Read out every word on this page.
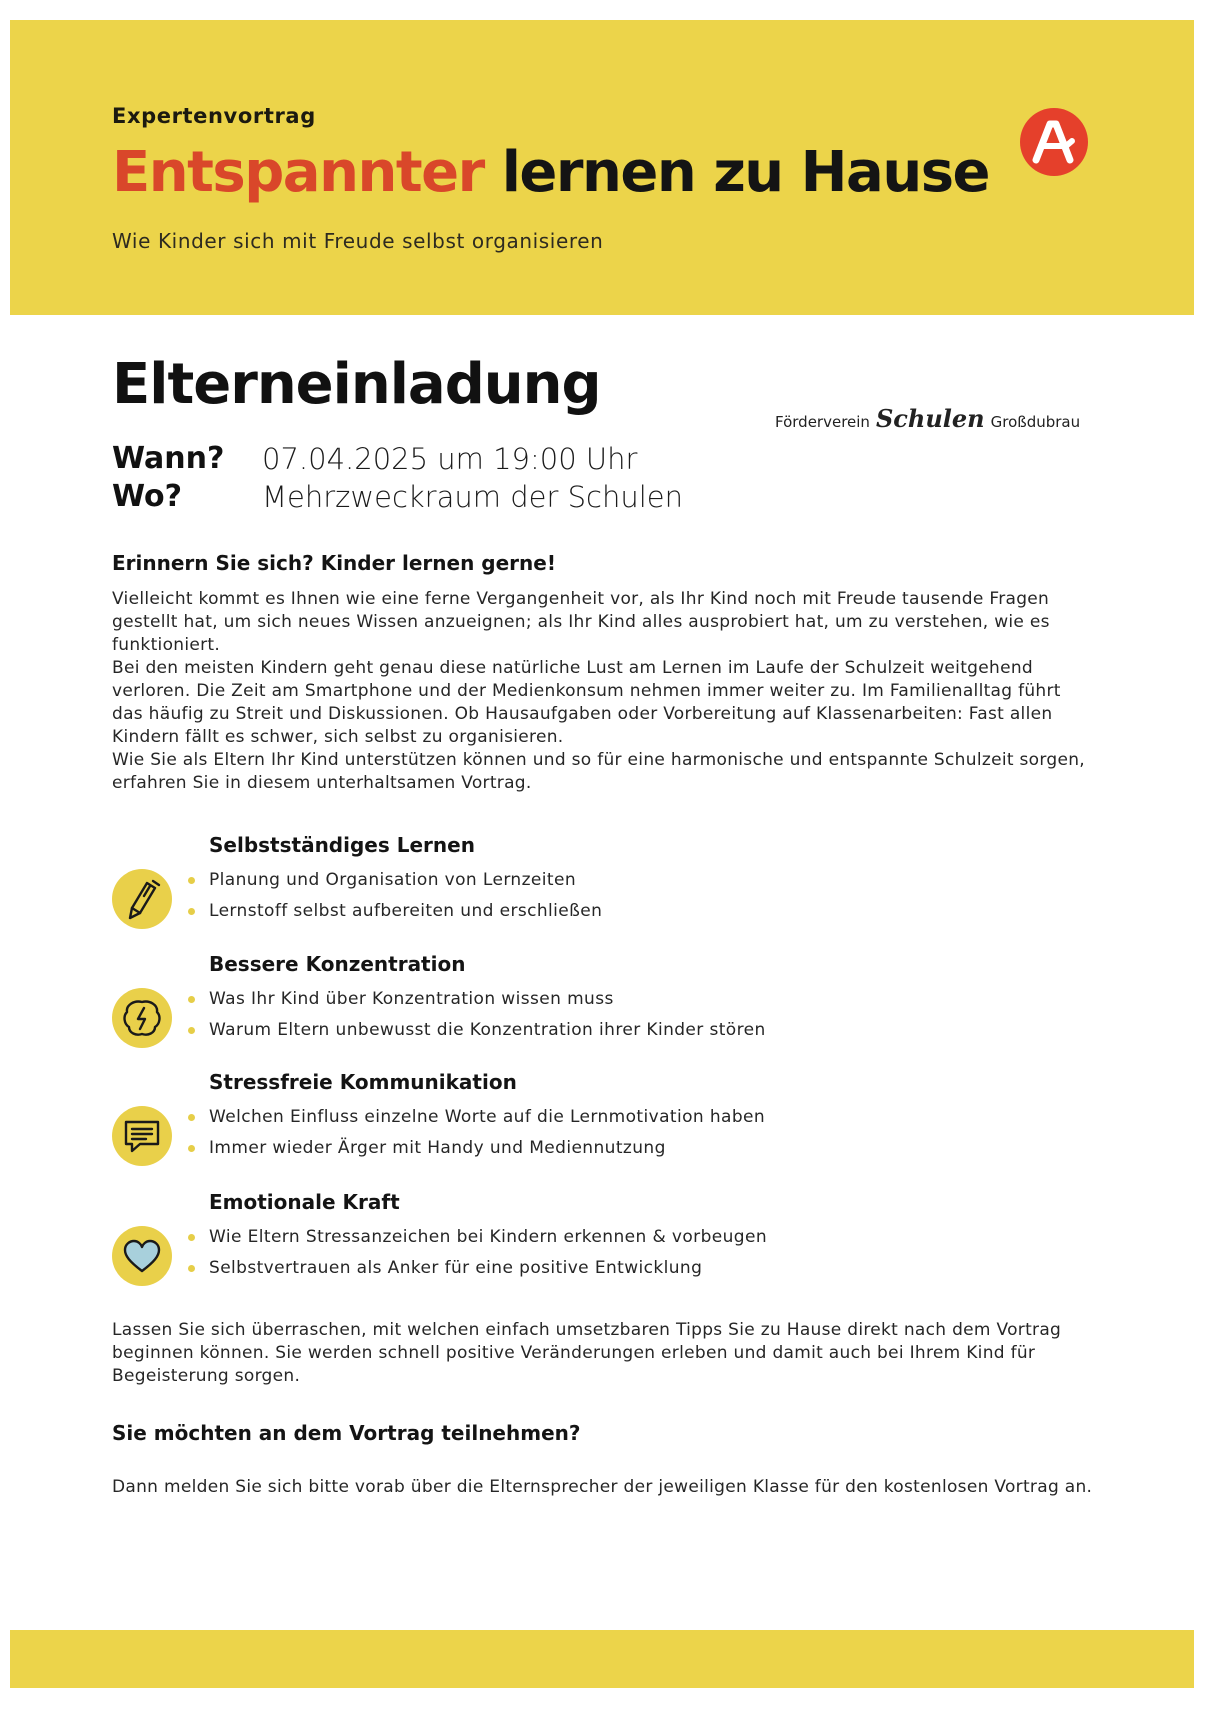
Expertenvortrag
Entspannter lernen zu Hause
Wie Kinder sich mit Freude selbst organisieren
Elterneinladung
Förderverein Schulen Großdubrau
Wann? 07.04.2025 um 19:00 Uhr
Wo?	Mehrzweckraum der Schulen
Erinnern Sie sich? Kinder lernen gerne!

Vielleicht kommt es Ihnen wie eine ferne Vergangenheit vor, als Ihr Kind noch mit Freude tausende Fragen gestellt hat, um sich neues Wissen anzueignen; als Ihr Kind alles ausprobiert hat, um zu verstehen, wie es funktioniert.

Bei den meisten Kindern geht genau diese natürliche Lust am Lernen im Laufe der Schulzeit weitgehend verloren. Die Zeit am Smartphone und der Medienkonsum nehmen immer weiter zu. Im Familienalltag führt das häufig zu Streit und Diskussionen. Ob Hausaufgaben oder Vorbereitung auf Klassenarbeiten: Fast allen Kindern fällt es schwer, sich selbst zu organisieren.

Wie Sie als Eltern Ihr Kind unterstützen können und so für eine harmonische und entspannte Schulzeit sorgen, erfahren Sie in diesem unterhaltsamen Vortrag.

Selbstständiges Lernen
Planung und Organisation von Lernzeiten
Lernstoff selbst aufbereiten und erschließen
Bessere Konzentration
Was Ihr Kind über Konzentration wissen muss
Warum Eltern unbewusst die Konzentration ihrer Kinder stören
Stressfreie Kommunikation
Welchen Einfluss einzelne Worte auf die Lernmotivation haben
Immer wieder Ärger mit Handy und Mediennutzung
Emotionale Kraft
Wie Eltern Stressanzeichen bei Kindern erkennen & vorbeugen
Selbstvertrauen als Anker für eine positive Entwicklung
Lassen Sie sich überraschen, mit welchen einfach umsetzbaren Tipps Sie zu Hause direkt nach dem Vortrag beginnen können. Sie werden schnell positive Veränderungen erleben und damit auch bei Ihrem Kind für Begeisterung sorgen.
Sie möchten an dem Vortrag teilnehmen?
Dann melden Sie sich bitte vorab über die Elternsprecher der jeweiligen Klasse für den kostenlosen Vortrag an.
